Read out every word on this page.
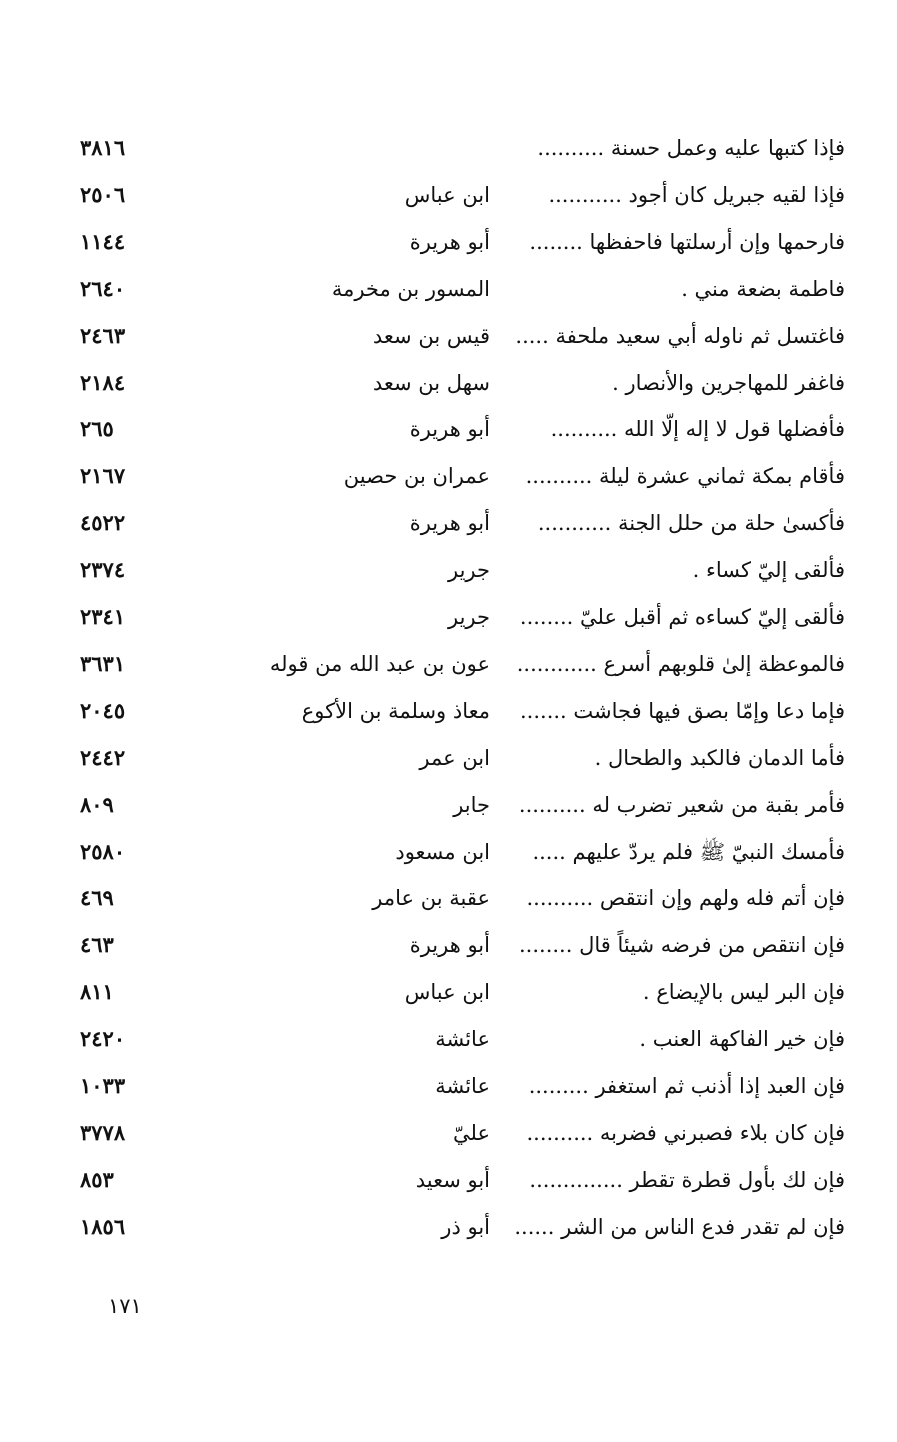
فإذا كتبها عليه وعمل حسنة ..........
٣٨١٦
فإذا لقيه جبريل كان أجود ...........
ابن عباس
٢٥٠٦
فارحمها وإن أرسلتها فاحفظها ........
أبو هريرة
١١٤٤
فاطمة بضعة مني .
المسور بن مخرمة
٢٦٤٠
فاغتسل ثم ناوله أبي سعيد ملحفة .....
قيس بن سعد
٢٤٦٣
فاغفر للمهاجرين والأنصار .
سهل بن سعد
٢١٨٤
فأفضلها قول لا إله إلّا الله ..........
أبو هريرة
٢٦٥
فأقام بمكة ثماني عشرة ليلة ..........
عمران بن حصين
٢١٦٧
فأكسىٰ حلة من حلل الجنة ...........
أبو هريرة
٤٥٢٢
فألقى إليّ كساء .
جرير
٢٣٧٤
فألقى إليّ كساءه ثم أقبل عليّ ........
جرير
٢٣٤١
فالموعظة إلىٰ قلوبهم أسرع ............
عون بن عبد الله من قوله
٣٦٣١
فإما دعا وإمّا بصق فيها فجاشت .......
معاذ وسلمة بن الأكوع
٢٠٤٥
فأما الدمان فالكبد والطحال .
ابن عمر
٢٤٤٢
فأمر بقبة من شعير تضرب له ..........
جابر
٨٠٩
فأمسك النبيّ ﷺ فلم يردّ عليهم .....
ابن مسعود
٢٥٨٠
فإن أتم فله ولهم وإن انتقص ..........
عقبة بن عامر
٤٦٩
فإن انتقص من فرضه شيئاً قال ........
أبو هريرة
٤٦٣
فإن البر ليس بالإيضاع .
ابن عباس
٨١١
فإن خير الفاكهة العنب .
عائشة
٢٤٢٠
فإن العبد إذا أذنب ثم استغفر .........
عائشة
١٠٣٣
فإن كان بلاء فصبرني فضربه ..........
عليّ
٣٧٧٨
فإن لك بأول قطرة تقطر ..............
أبو سعيد
٨٥٣
فإن لم تقدر فدع الناس من الشر ......
أبو ذر
١٨٥٦
١٧١
